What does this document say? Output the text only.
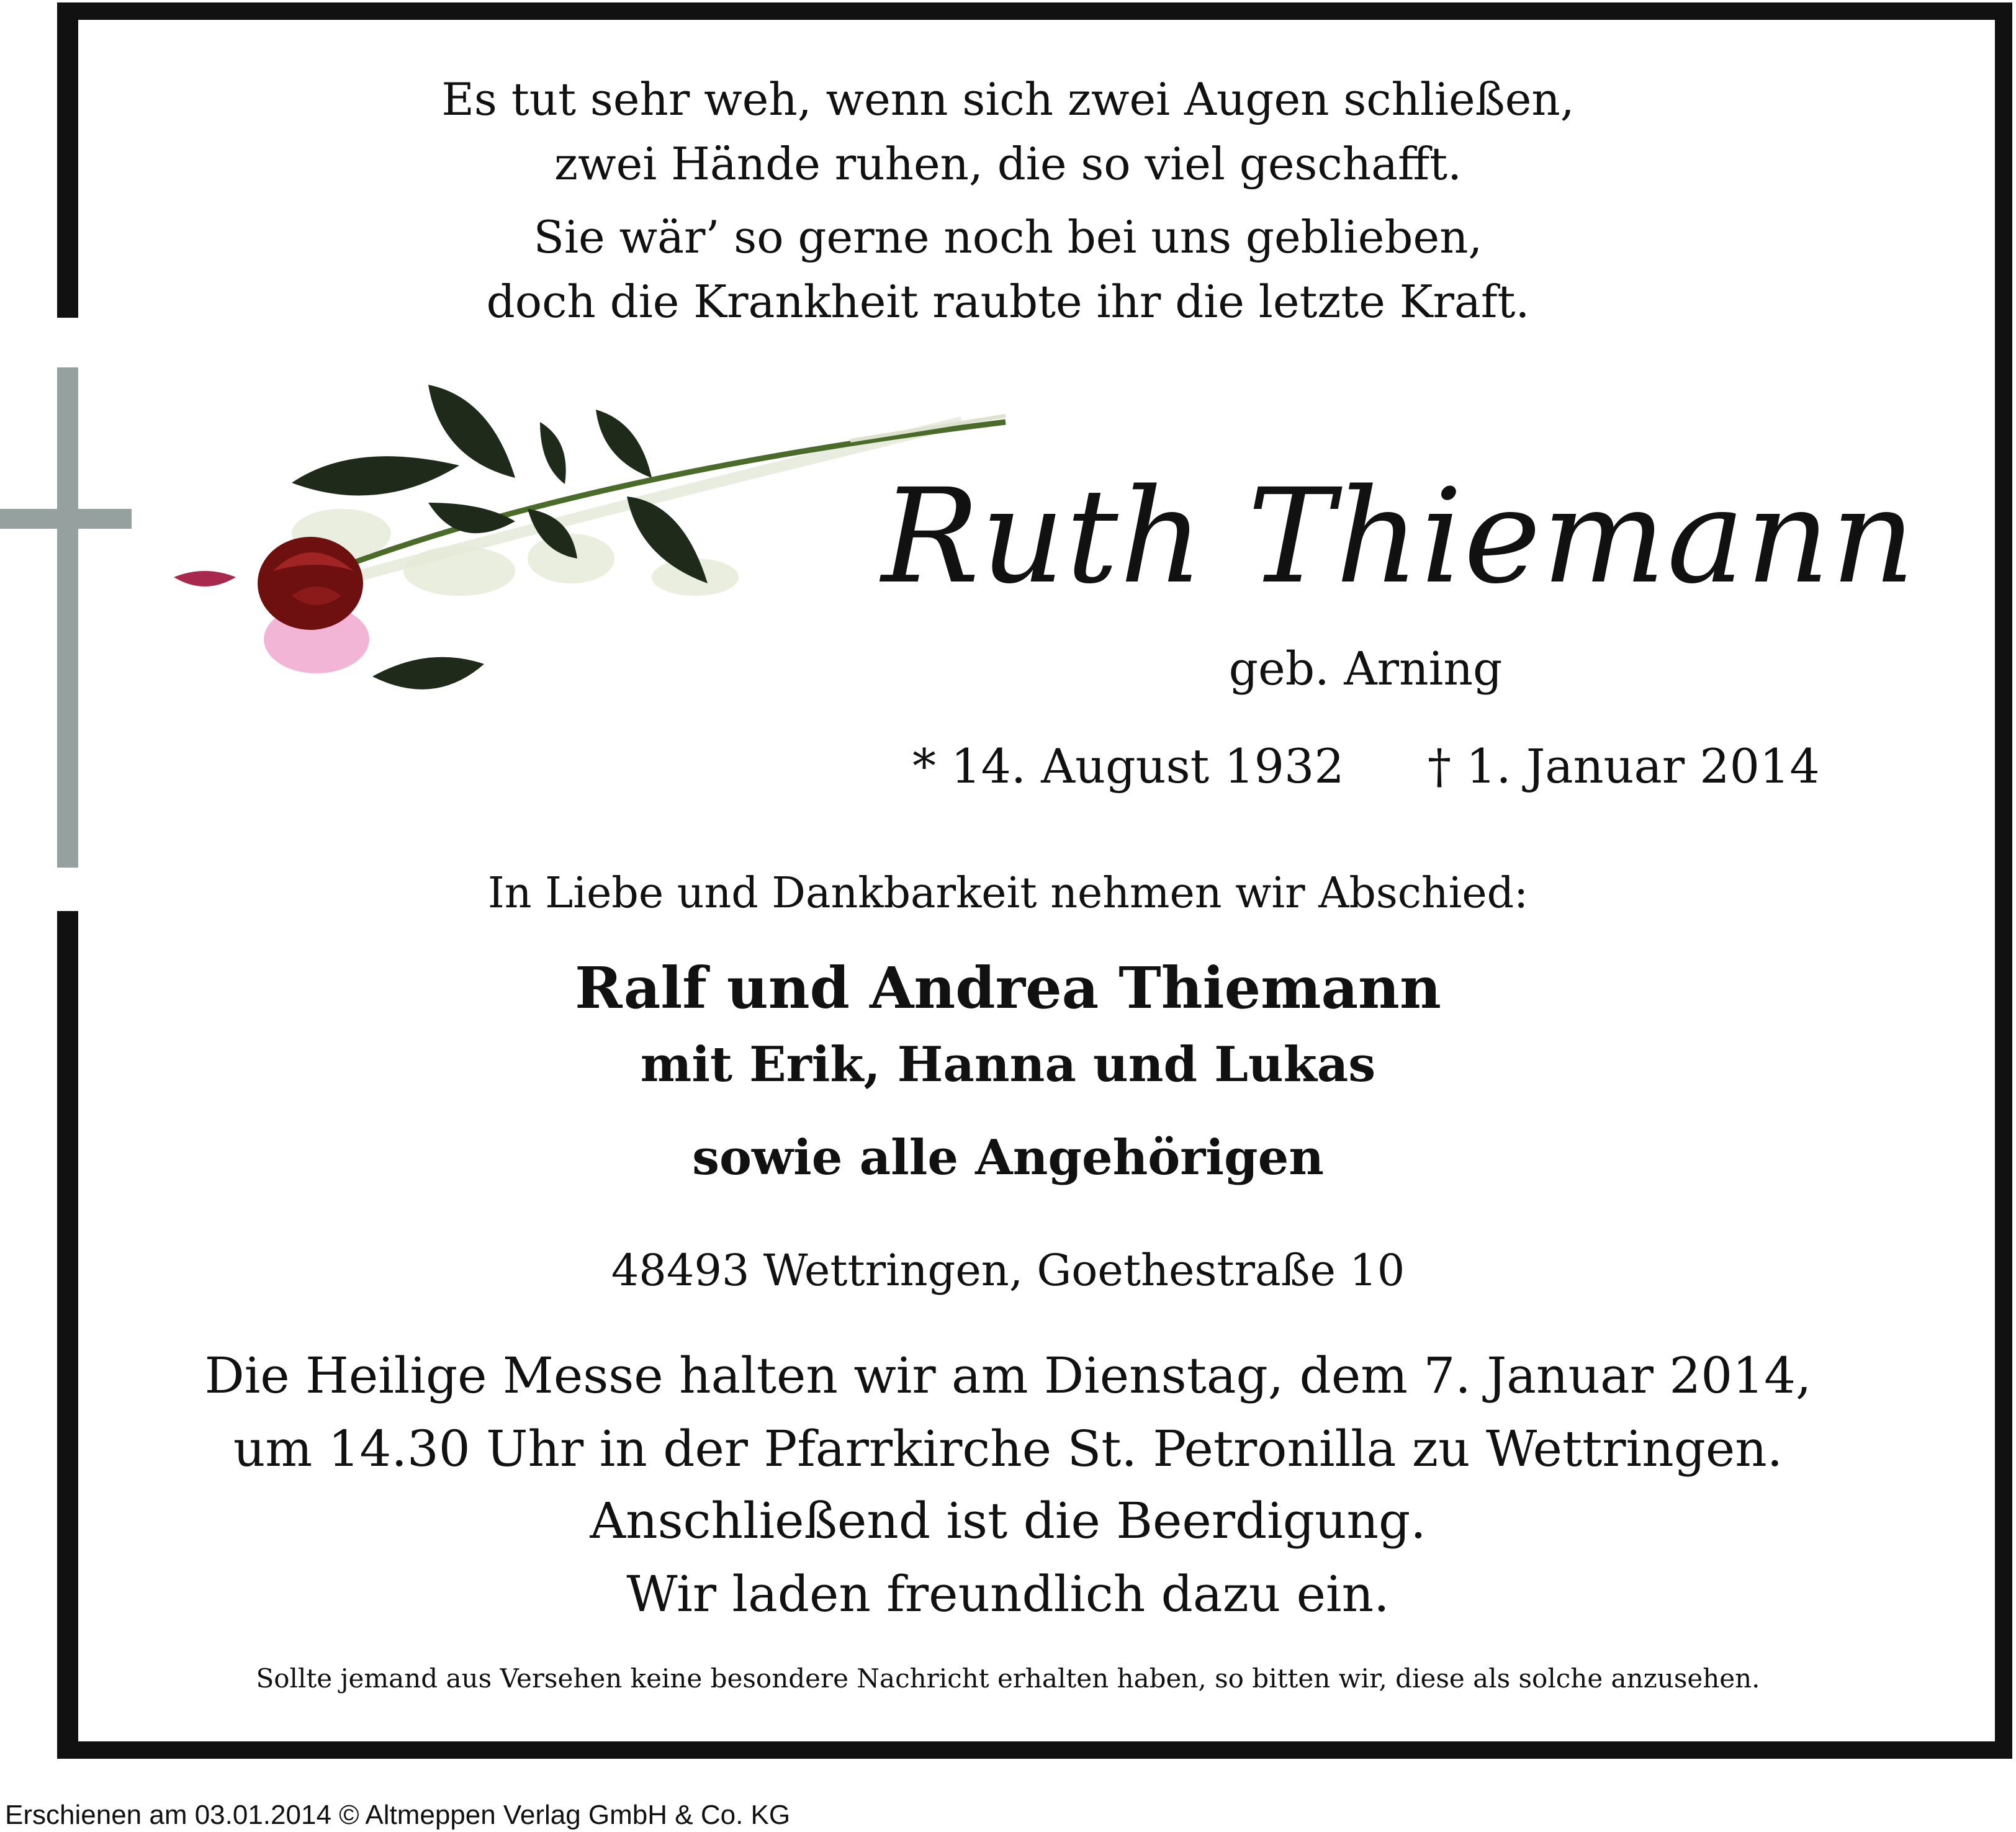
Es tut sehr weh, wenn sich zwei Augen schließen,
zwei Hände ruhen, die so viel geschafft.
Sie wär’ so gerne noch bei uns geblieben,
doch die Krankheit raubte ihr die letzte Kraft.
Ruth Thiemann
geb. Arning
* 14. August 1932 † 1. Januar 2014
In Liebe und Dankbarkeit nehmen wir Abschied:
Ralf und Andrea Thiemann
mit Erik, Hanna und Lukas
sowie alle Angehörigen
48493 Wettringen, Goethestraße 10
Die Heilige Messe halten wir am Dienstag, dem 7. Januar 2014,
um 14.30 Uhr in der Pfarrkirche St. Petronilla zu Wettringen.
Anschließend ist die Beerdigung.
Wir laden freundlich dazu ein.
Sollte jemand aus Versehen keine besondere Nachricht erhalten haben, so bitten wir, diese als solche anzusehen.
Erschienen am 03.01.2014 © Altmeppen Verlag GmbH & Co. KG
